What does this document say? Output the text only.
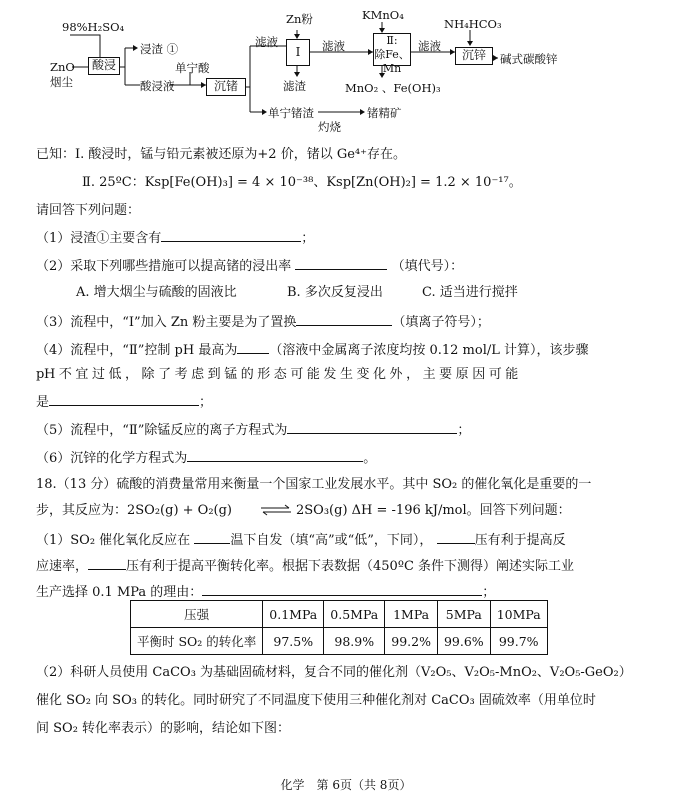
98%H₂SO₄
ZnO
烟尘
酸浸
浸渣 ①
酸浸液
单宁酸
沉锗
滤液
Zn粉
Ⅰ
滤渣
滤液
KMnO₄
Ⅱ:
除Fe、Mn
MnO₂ 、Fe(OH)₃
滤液
NH₄HCO₃
沉锌	碱式碳酸锌
单宁锗渣	锗精矿
灼烧
已知：Ⅰ. 酸浸时，锰与铅元素被还原为+2 价，锗以 Ge⁴⁺存在。
Ⅱ. 25ºC：Ksp[Fe(OH)₃] = 4 × 10⁻³⁸、Ksp[Zn(OH)₂] = 1.2 × 10⁻¹⁷。
请回答下列问题：
（1）浸渣①主要含有	；
（2）采取下列哪些措施可以提高锗的浸出率	（填代号）：
A. 增大烟尘与硫酸的固液比	B. 多次反复浸出	C. 适当进行搅拌
（3）流程中，“Ⅰ”加入 Zn 粉主要是为了置换	（填离子符号）；
（4）流程中，“Ⅱ”控制 pH 最高为 （溶液中金属离子浓度均按 0.12 mol/L 计算），该步骤
pH 不 宜 过 低 ， 除 了 考 虑 到 锰 的 形 态 可 能 发 生 变 化 外 ， 主 要 原 因 可 能
是	；
（5）流程中，“Ⅱ”除锰反应的离子方程式为	；
（6）沉锌的化学方程式为	。
18.（13 分）硫酸的消费量常用来衡量一个国家工业发展水平。其中 SO₂ 的催化氧化是重要的一
步，其反应为：2SO₂(g) + O₂(g)	2SO₃(g) ΔH = -196 kJ/mol。回答下列问题：
（1）SO₂ 催化氧化反应在	温下自发（填“高”或“低”，下同），	压有利于提高反
应速率，	压有利于提高平衡转化率。根据下表数据（450ºC 条件下测得）阐述实际工业
生产选择 0.1 MPa 的理由：	；
压强	0.1MPa	0.5MPa	1MPa	5MPa	10MPa
平衡时 SO₂ 的转化率	97.5%	98.9%	99.2%	99.6%	99.7%
（2）科研人员使用 CaCO₃ 为基础固硫材料，复合不同的催化剂（V₂O₅、V₂O₅-MnO₂、V₂O₅-GeO₂）
催化 SO₂ 向 SO₃ 的转化。同时研究了不同温度下使用三种催化剂对 CaCO₃ 固硫效率（用单位时
间 SO₂ 转化率表示）的影响，结论如下图：
化学　第 6页（共 8页）
